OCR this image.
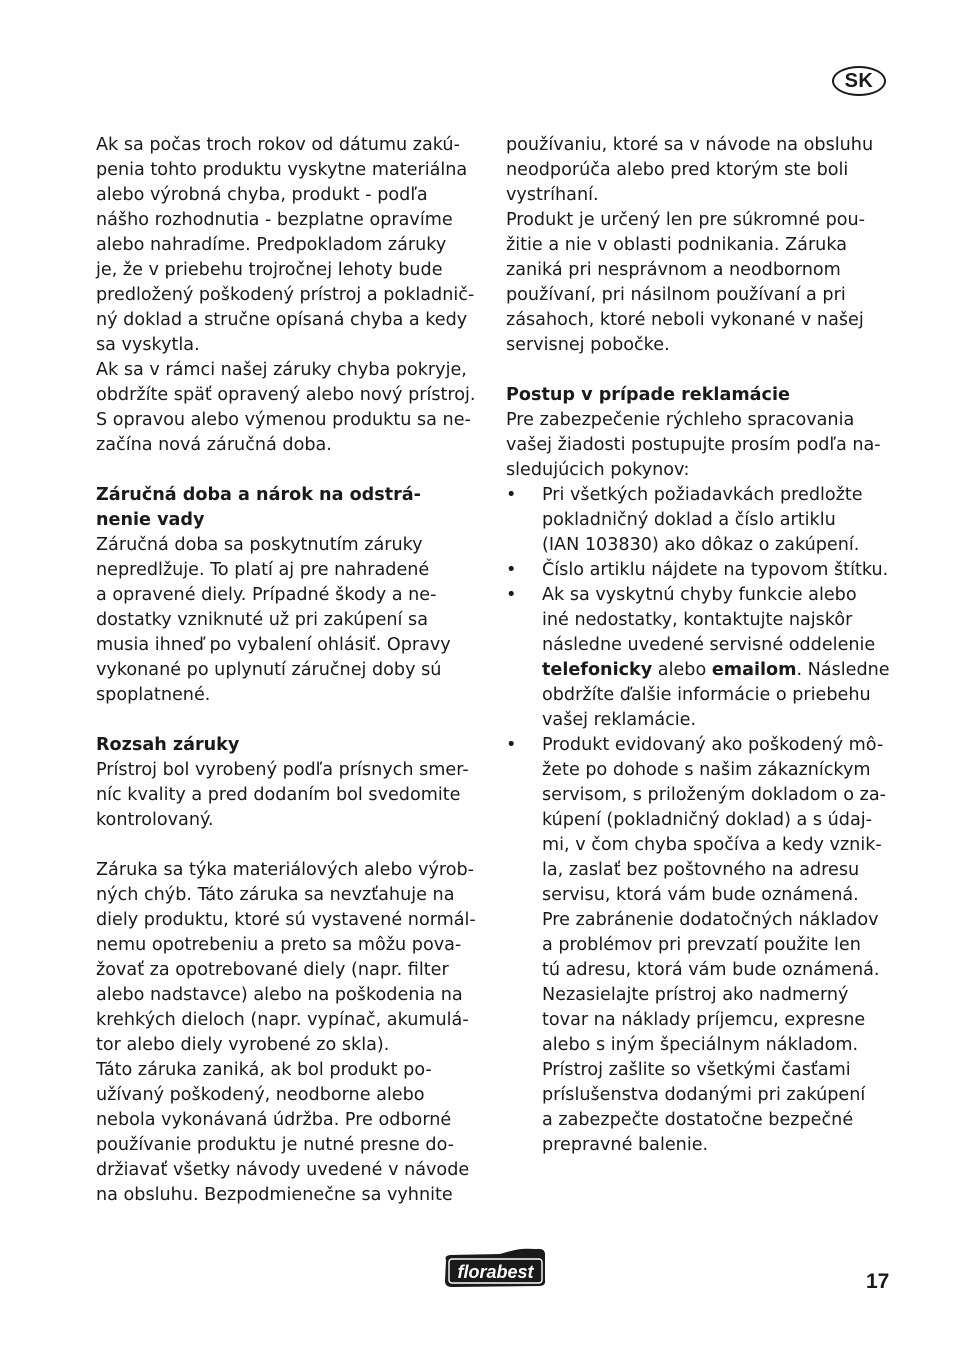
SK
Ak sa počas troch rokov od dátumu zakú-
penia tohto produktu vyskytne materiálna
alebo výrobná chyba, produkt - podľa
nášho rozhodnutia - bezplatne opravíme
alebo nahradíme. Predpokladom záruky
je, že v priebehu trojročnej lehoty bude
predložený poškodený prístroj a pokladnič-
ný doklad a stručne opísaná chyba a kedy
sa vyskytla.
Ak sa v rámci našej záruky chyba pokryje,
obdržíte späť opravený alebo nový prístroj.
S opravou alebo výmenou produktu sa ne-
začína nová záručná doba.
Záručná doba a nárok na odstrá-
nenie vady
Záručná doba sa poskytnutím záruky
nepredlžuje. To platí aj pre nahradené
a opravené diely. Prípadné škody a ne-
dostatky vzniknuté už pri zakúpení sa
musia ihneď po vybalení ohlásiť. Opravy
vykonané po uplynutí záručnej doby sú
spoplatnené.
Rozsah záruky
Prístroj bol vyrobený podľa prísnych smer-
níc kvality a pred dodaním bol svedomite
kontrolovaný.
Záruka sa týka materiálových alebo výrob-
ných chýb. Táto záruka sa nevzťahuje na
diely produktu, ktoré sú vystavené normál-
nemu opotrebeniu a preto sa môžu pova-
žovať za opotrebované diely (napr. filter
alebo nadstavce) alebo na poškodenia na
krehkých dieloch (napr. vypínač, akumulá-
tor alebo diely vyrobené zo skla).
Táto záruka zaniká, ak bol produkt po-
užívaný poškodený, neodborne alebo
nebola vykonávaná údržba. Pre odborné
používanie produktu je nutné presne do-
držiavať všetky návody uvedené v návode
na obsluhu. Bezpodmienečne sa vyhnite
používaniu, ktoré sa v návode na obsluhu
neodporúča alebo pred ktorým ste boli
vystríhaní.
Produkt je určený len pre súkromné pou-
žitie a nie v oblasti podnikania. Záruka
zaniká pri nesprávnom a neodbornom
používaní, pri násilnom používaní a pri
zásahoch, ktoré neboli vykonané v našej
servisnej pobočke.
Postup v prípade reklamácie
Pre zabezpečenie rýchleho spracovania
vašej žiadosti postupujte prosím podľa na-
sledujúcich pokynov:
• Pri všetkých požiadavkách predložte
pokladničný doklad a číslo artiklu
(IAN 103830) ako dôkaz o zakúpení.
• Číslo artiklu nájdete na typovom štítku.
• Ak sa vyskytnú chyby funkcie alebo
iné nedostatky, kontaktujte najskôr
následne uvedené servisné oddelenie
telefonicky alebo emailom. Následne
obdržíte ďalšie informácie o priebehu
vašej reklamácie.
• Produkt evidovaný ako poškodený mô-
žete po dohode s našim zákazníckym
servisom, s priloženým dokladom o za-
kúpení (pokladničný doklad) a s údaj-
mi, v čom chyba spočíva a kedy vznik-
la, zaslať bez poštovného na adresu
servisu, ktorá vám bude oznámená.
Pre zabránenie dodatočných nákladov
a problémov pri prevzatí použite len
tú adresu, ktorá vám bude oznámená.
Nezasielajte prístroj ako nadmerný
tovar na náklady príjemcu, expresne
alebo s iným špeciálnym nákladom.
Prístroj zašlite so všetkými časťami
príslušenstva dodanými pri zakúpení
a zabezpečte dostatočne bezpečné
prepravné balenie.
florabest	17
